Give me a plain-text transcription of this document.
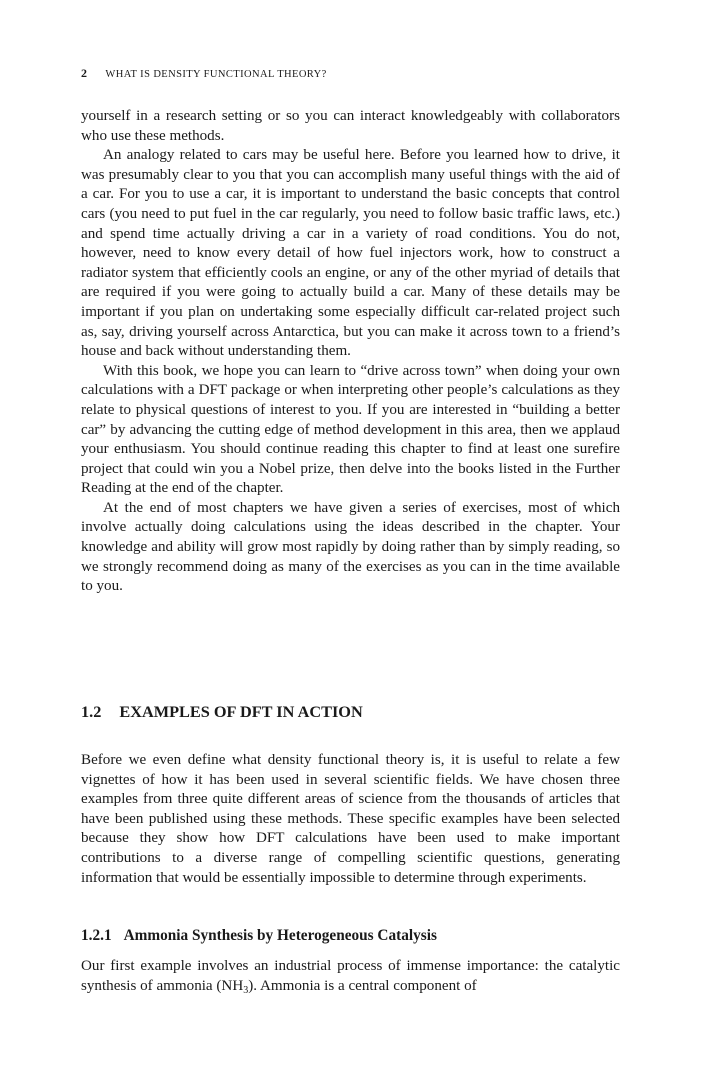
2 WHAT IS DENSITY FUNCTIONAL THEORY?

yourself in a research setting or so you can interact knowledgeably with collaborators who use these methods.

An analogy related to cars may be useful here. Before you learned how to drive, it was presumably clear to you that you can accomplish many useful things with the aid of a car. For you to use a car, it is important to understand the basic concepts that control cars (you need to put fuel in the car regularly, you need to follow basic traffic laws, etc.) and spend time actually driving a car in a variety of road conditions. You do not, however, need to know every detail of how fuel injectors work, how to construct a radiator system that efficiently cools an engine, or any of the other myriad of details that are required if you were going to actually build a car. Many of these details may be important if you plan on undertaking some especially difficult car-related project such as, say, driving yourself across Antarctica, but you can make it across town to a friend’s house and back without understanding them.

With this book, we hope you can learn to “drive across town” when doing your own calculations with a DFT package or when interpreting other people’s calculations as they relate to physical questions of interest to you. If you are interested in “building a better car” by advancing the cutting edge of method development in this area, then we applaud your enthusiasm. You should continue reading this chapter to find at least one surefire project that could win you a Nobel prize, then delve into the books listed in the Further Reading at the end of the chapter.

At the end of most chapters we have given a series of exercises, most of which involve actually doing calculations using the ideas described in the chapter. Your knowledge and ability will grow most rapidly by doing rather than by simply reading, so we strongly recommend doing as many of the exercises as you can in the time available to you.

1.2 EXAMPLES OF DFT IN ACTION

Before we even define what density functional theory is, it is useful to relate a few vignettes of how it has been used in several scientific fields. We have chosen three examples from three quite different areas of science from the thousands of articles that have been published using these methods. These specific examples have been selected because they show how DFT calculations have been used to make important contributions to a diverse range of compelling scientific questions, generating information that would be essentially impossible to determine through experiments.

1.2.1 Ammonia Synthesis by Heterogeneous Catalysis

Our first example involves an industrial process of immense importance: the catalytic synthesis of ammonia $(NH_3)$. Ammonia is a central component of
